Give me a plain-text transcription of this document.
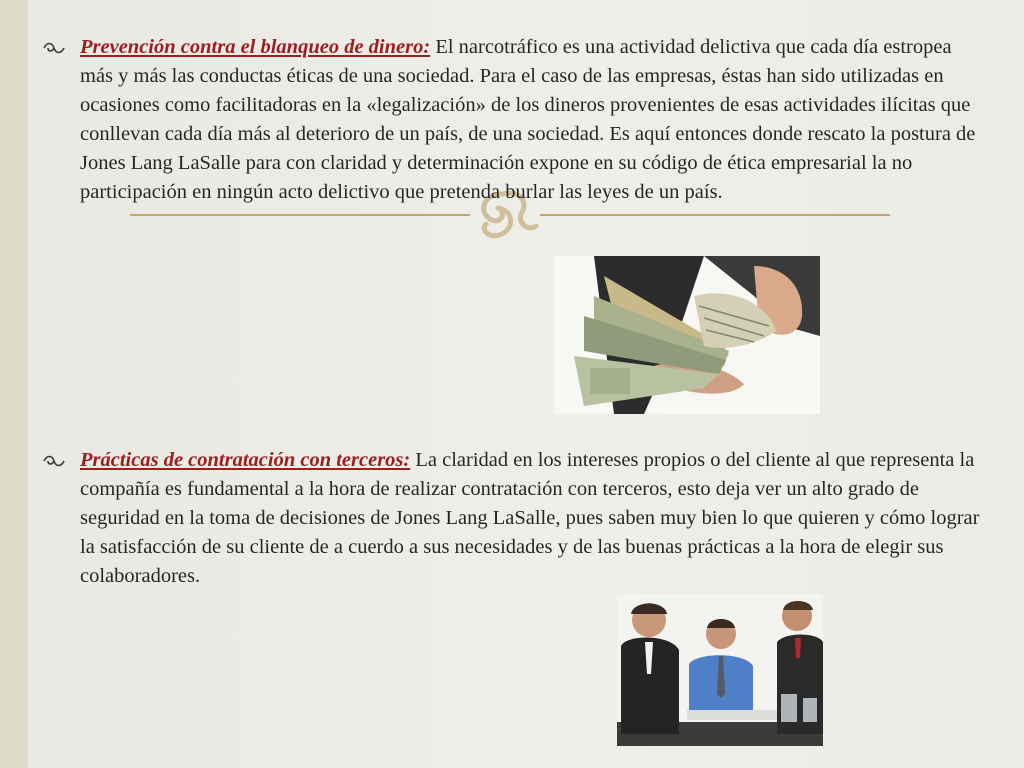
Prevención contra el blanqueo de dinero: El narcotráfico es una actividad delictiva que cada día estropea más y más las conductas éticas de una sociedad. Para el caso de las empresas, éstas han sido utilizadas en ocasiones como facilitadoras en la «legalización» de los dineros provenientes de esas actividades ilícitas que conllevan cada día más al deterioro de un país, de una sociedad. Es aquí entonces donde rescato la postura de Jones Lang LaSalle para con claridad y determinación expone en su código de ética empresarial la no participación en ningún acto delictivo que pretenda burlar las leyes de un país.

Prácticas de contratación con terceros: La claridad en los intereses propios o del cliente al que representa la compañía es fundamental a la hora de realizar contratación con terceros, esto deja ver un alto grado de seguridad en la toma de decisiones de Jones Lang LaSalle, pues saben muy bien lo que quieren y cómo lograr la satisfacción de su cliente de a cuerdo a sus necesidades y de las buenas prácticas a la hora de elegir sus colaboradores.
